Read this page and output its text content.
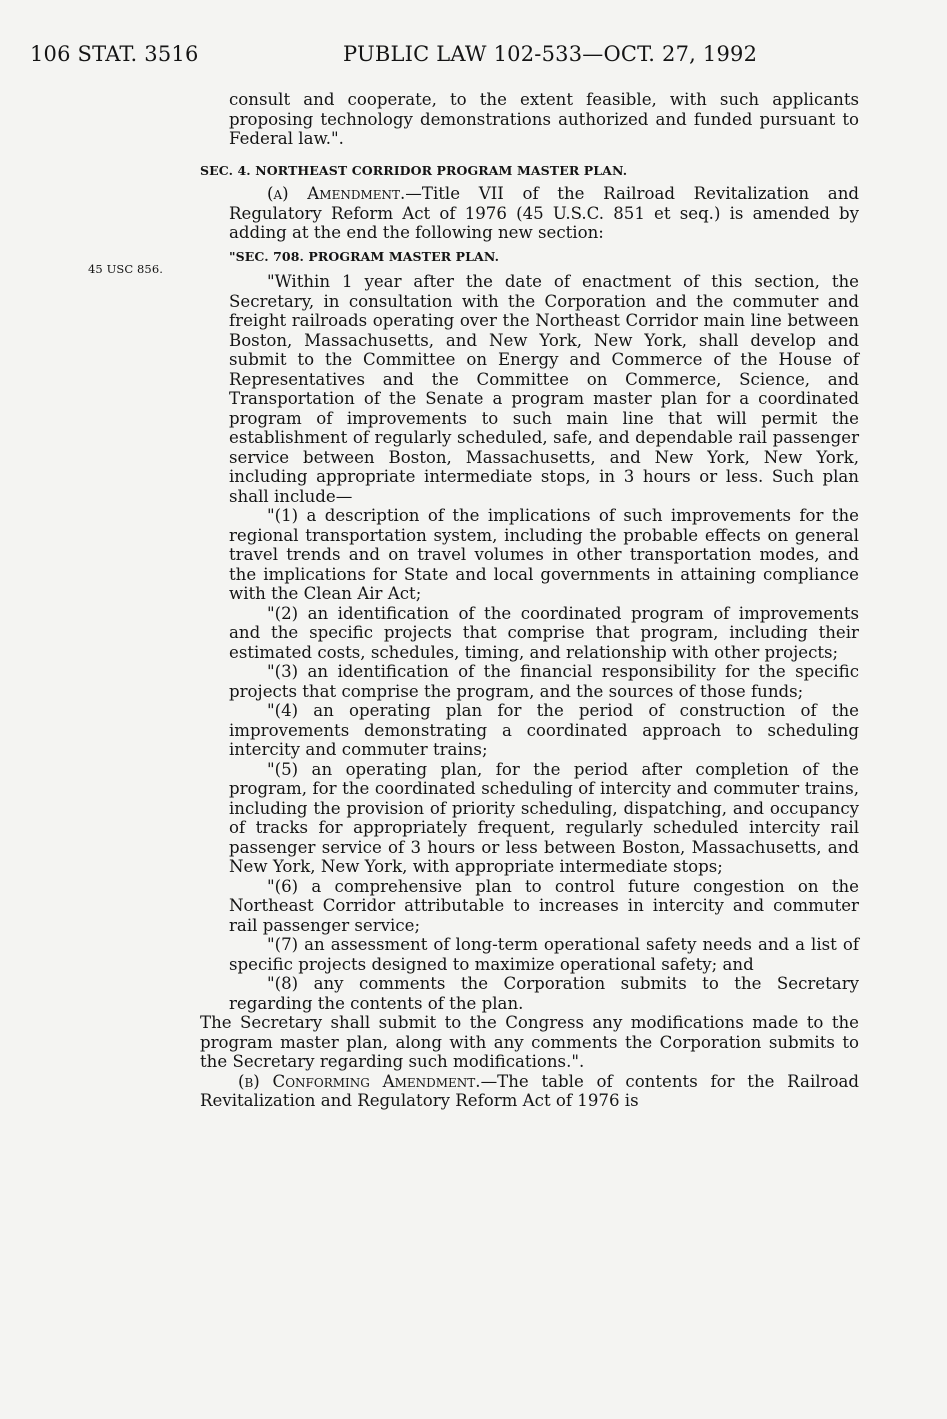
106 STAT. 3516	PUBLIC LAW 102-533—OCT. 27, 1992
45 USC 856.

consult and cooperate, to the extent feasible, with such applicants proposing technology demonstrations authorized and funded pursuant to Federal law.".

SEC. 4. NORTHEAST CORRIDOR PROGRAM MASTER PLAN.

(a) Amendment.—Title VII of the Railroad Revitalization and Regulatory Reform Act of 1976 (45 U.S.C. 851 et seq.) is amended by adding at the end the following new section:

"SEC. 708. PROGRAM MASTER PLAN.

"Within 1 year after the date of enactment of this section, the Secretary, in consultation with the Corporation and the commuter and freight railroads operating over the Northeast Corridor main line between Boston, Massachusetts, and New York, New York, shall develop and submit to the Committee on Energy and Commerce of the House of Representatives and the Committee on Commerce, Science, and Transportation of the Senate a program master plan for a coordinated program of improvements to such main line that will permit the establishment of regularly scheduled, safe, and dependable rail passenger service between Boston, Massachusetts, and New York, New York, including appropriate intermediate stops, in 3 hours or less. Such plan shall include—

"(1) a description of the implications of such improvements for the regional transportation system, including the probable effects on general travel trends and on travel volumes in other transportation modes, and the implications for State and local governments in attaining compliance with the Clean Air Act;

"(2) an identification of the coordinated program of improvements and the specific projects that comprise that program, including their estimated costs, schedules, timing, and relationship with other projects;

"(3) an identification of the financial responsibility for the specific projects that comprise the program, and the sources of those funds;

"(4) an operating plan for the period of construction of the improvements demonstrating a coordinated approach to scheduling intercity and commuter trains;

"(5) an operating plan, for the period after completion of the program, for the coordinated scheduling of intercity and commuter trains, including the provision of priority scheduling, dispatching, and occupancy of tracks for appropriately frequent, regularly scheduled intercity rail passenger service of 3 hours or less between Boston, Massachusetts, and New York, New York, with appropriate intermediate stops;

"(6) a comprehensive plan to control future congestion on the Northeast Corridor attributable to increases in intercity and commuter rail passenger service;

"(7) an assessment of long-term operational safety needs and a list of specific projects designed to maximize operational safety; and

"(8) any comments the Corporation submits to the Secretary regarding the contents of the plan.

The Secretary shall submit to the Congress any modifications made to the program master plan, along with any comments the Corporation submits to the Secretary regarding such modifications.".

(b) Conforming Amendment.—The table of contents for the Railroad Revitalization and Regulatory Reform Act of 1976 is
